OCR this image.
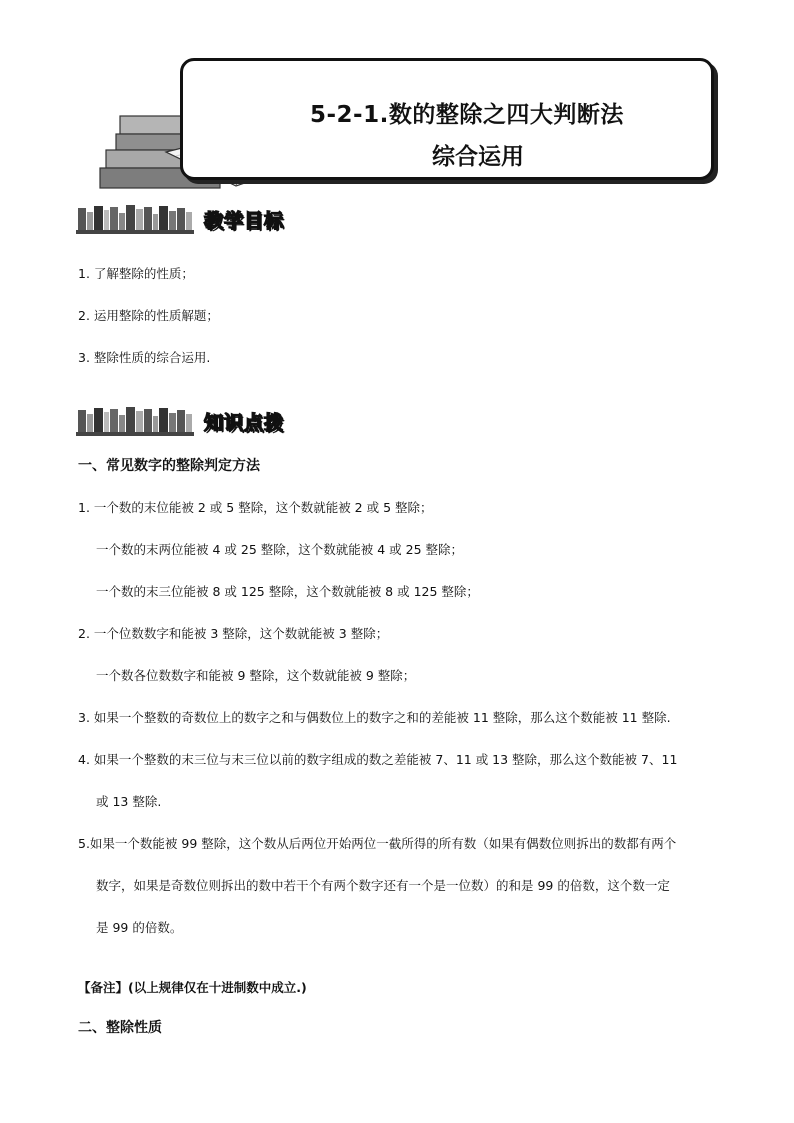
5-2-1.数的整除之四大判断法
综合运用
教学目标
1. 了解整除的性质；
2. 运用整除的性质解题；
3. 整除性质的综合运用.
知识点拨
一、常见数字的整除判定方法
1. 一个数的末位能被 2 或 5 整除，这个数就能被 2 或 5 整除；
一个数的末两位能被 4 或 25 整除，这个数就能被 4 或 25 整除；
一个数的末三位能被 8 或 125 整除，这个数就能被 8 或 125 整除；
2. 一个位数数字和能被 3 整除，这个数就能被 3 整除；
一个数各位数数字和能被 9 整除，这个数就能被 9 整除；
3. 如果一个整数的奇数位上的数字之和与偶数位上的数字之和的差能被 11 整除，那么这个数能被 11 整除.
4. 如果一个整数的末三位与末三位以前的数字组成的数之差能被 7、11 或 13 整除，那么这个数能被 7、11
或 13 整除.
5.如果一个数能被 99 整除，这个数从后两位开始两位一截所得的所有数（如果有偶数位则拆出的数都有两个
数字，如果是奇数位则拆出的数中若干个有两个数字还有一个是一位数）的和是 99 的倍数，这个数一定
是 99 的倍数。
【备注】(以上规律仅在十进制数中成立.)
二、整除性质
